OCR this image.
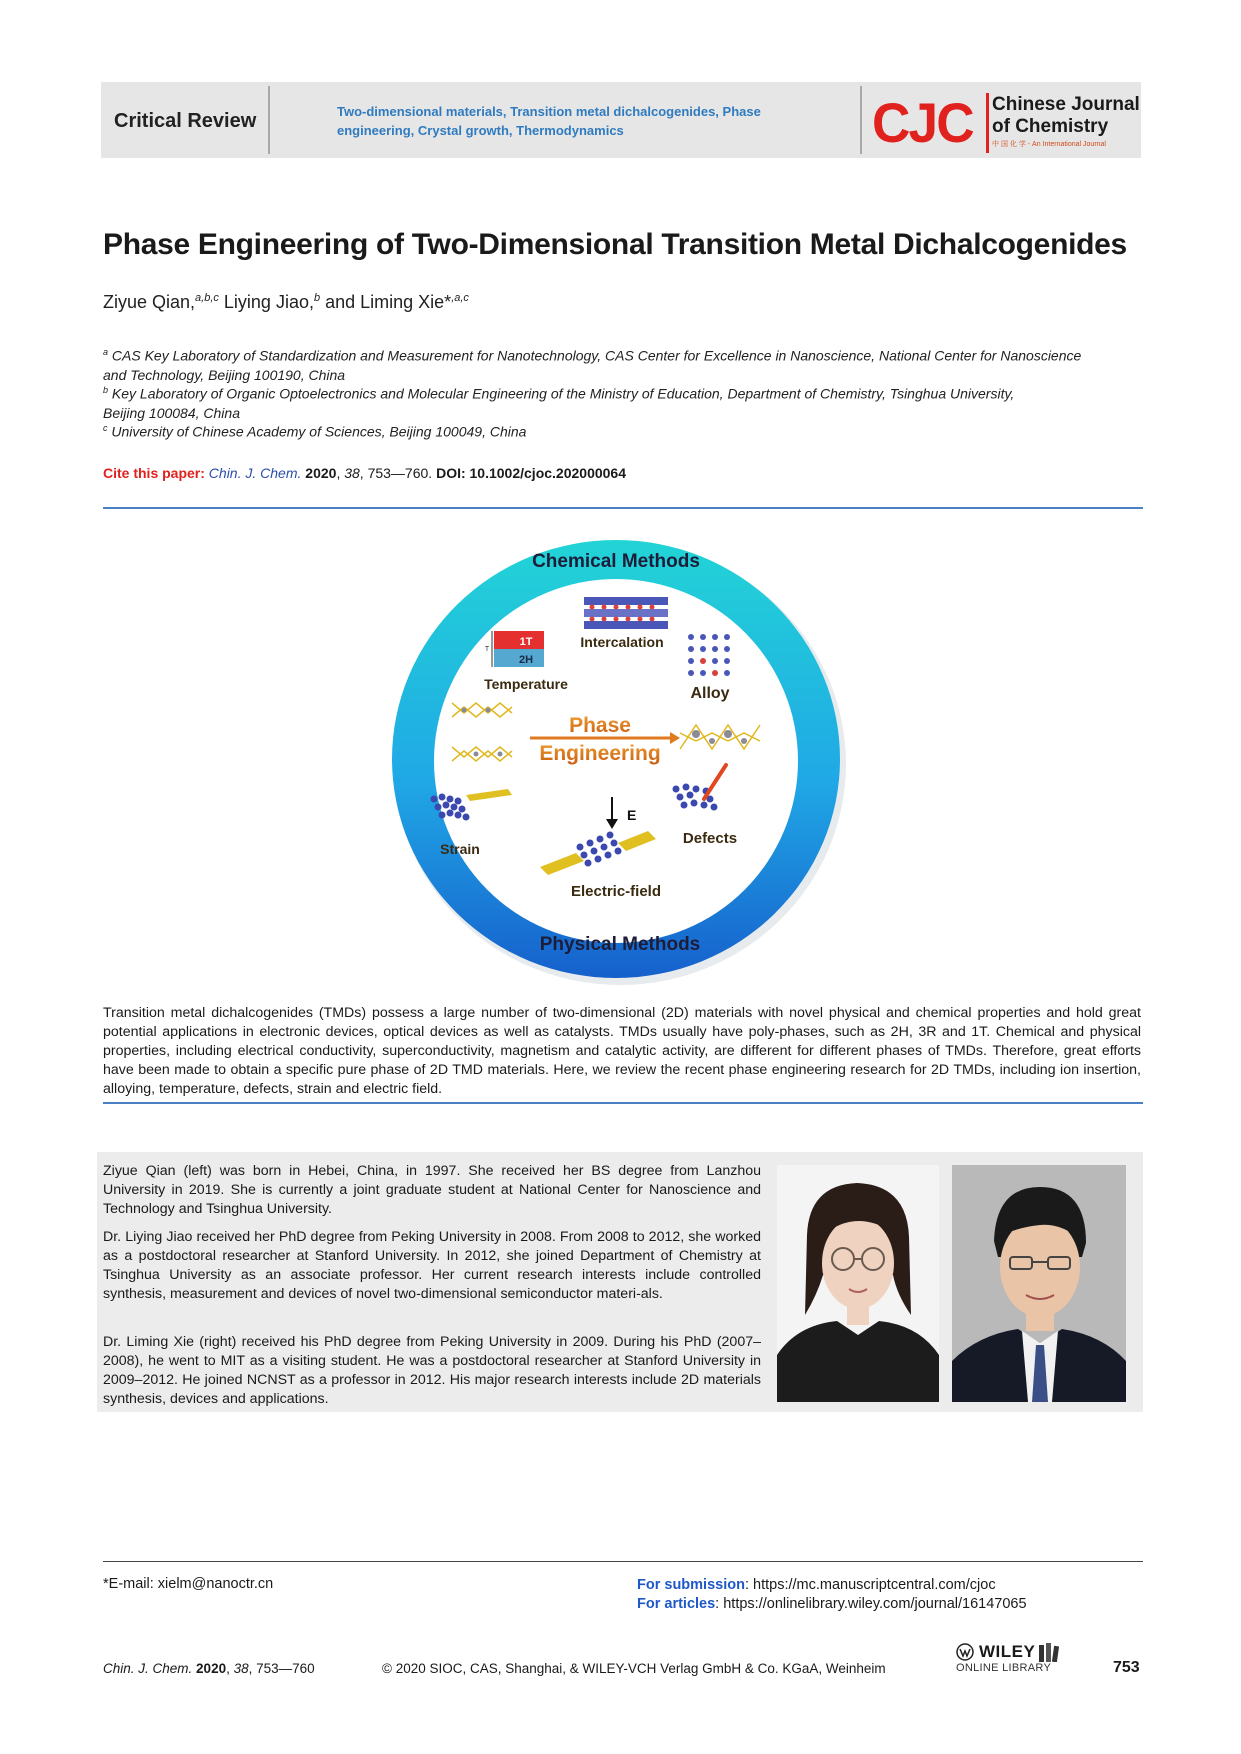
Critical Review	Two-dimensional materials, Transition metal dichalcogenides, Phase
engineering, Crystal growth, Thermodynamics	CJC Chinese Journal
of Chemistry
中 国 化 学 - An International Journal
Phase Engineering of Two-Dimensional Transition Metal Dichalcogenides
Ziyue Qian,$^{a,b,c}$ Liying Jiao,$^b$ and Liming Xie*$^{,a,c}$
$^a$ CAS Key Laboratory of Standardization and Measurement for Nanotechnology, CAS Center for Excellence in Nanoscience, National Center for Nanoscience
and Technology, Beijing 100190, China
$^b$ Key Laboratory of Organic Optoelectronics and Molecular Engineering of the Ministry of Education, Department of Chemistry, Tsinghua University,
Beijing 100084, China
$^c$ University of Chinese Academy of Sciences, Beijing 100049, China
Cite this paper: Chin. J. Chem. 2020, 38, 753—760. DOI: 10.1002/cjoc.202000064
Chemical Methods
Physical Methods
Intercalation
1T
2H
T
Temperature
Alloy
Phase
Engineering
Strain
E
Electric-field
Defects
Transition metal dichalcogenides (TMDs) possess a large number of two-dimensional (2D) materials with novel physical and chemical properties and hold great potential applications in electronic devices, optical devices as well as catalysts. TMDs usually have poly-phases, such as 2H, 3R and 1T. Chemical and physical properties, including electrical conductivity, superconductivity, magnetism and catalytic activity, are different for different phases of TMDs. Therefore, great efforts have been made to obtain a specific pure phase of 2D TMD materials. Here, we review the recent phase engineering research for 2D TMDs, including ion insertion, alloying, temperature, defects, strain and electric field.
Ziyue Qian (left) was born in Hebei, China, in 1997. She received her BS degree from Lanzhou University in 2019. She is currently a joint graduate student at National Center for Nanoscience and Technology and Tsinghua University.
Dr. Liying Jiao received her PhD degree from Peking University in 2008. From 2008 to 2012, she worked as a postdoctoral researcher at Stanford University. In 2012, she joined Department of Chemistry at Tsinghua University as an associate professor. Her current research interests include controlled synthesis, measurement and devices of novel two-dimensional semiconductor materi-als.
Dr. Liming Xie (right) received his PhD degree from Peking University in 2009. During his PhD (2007–2008), he went to MIT as a visiting student. He was a postdoctoral researcher at Stanford University in 2009–2012. He joined NCNST as a professor in 2012. His major research interests include 2D materials synthesis, devices and applications.
*E-mail: xielm@nanoctr.cn	For submission: https://mc.manuscriptcentral.com/cjoc
For articles: https://onlinelibrary.wiley.com/journal/16147065
Chin. J. Chem. 2020, 38, 753—760	© 2020 SIOC, CAS, Shanghai, & WILEY-VCH Verlag GmbH & Co. KGaA, Weinheim
WILEY
ONLINE LIBRARY	753
